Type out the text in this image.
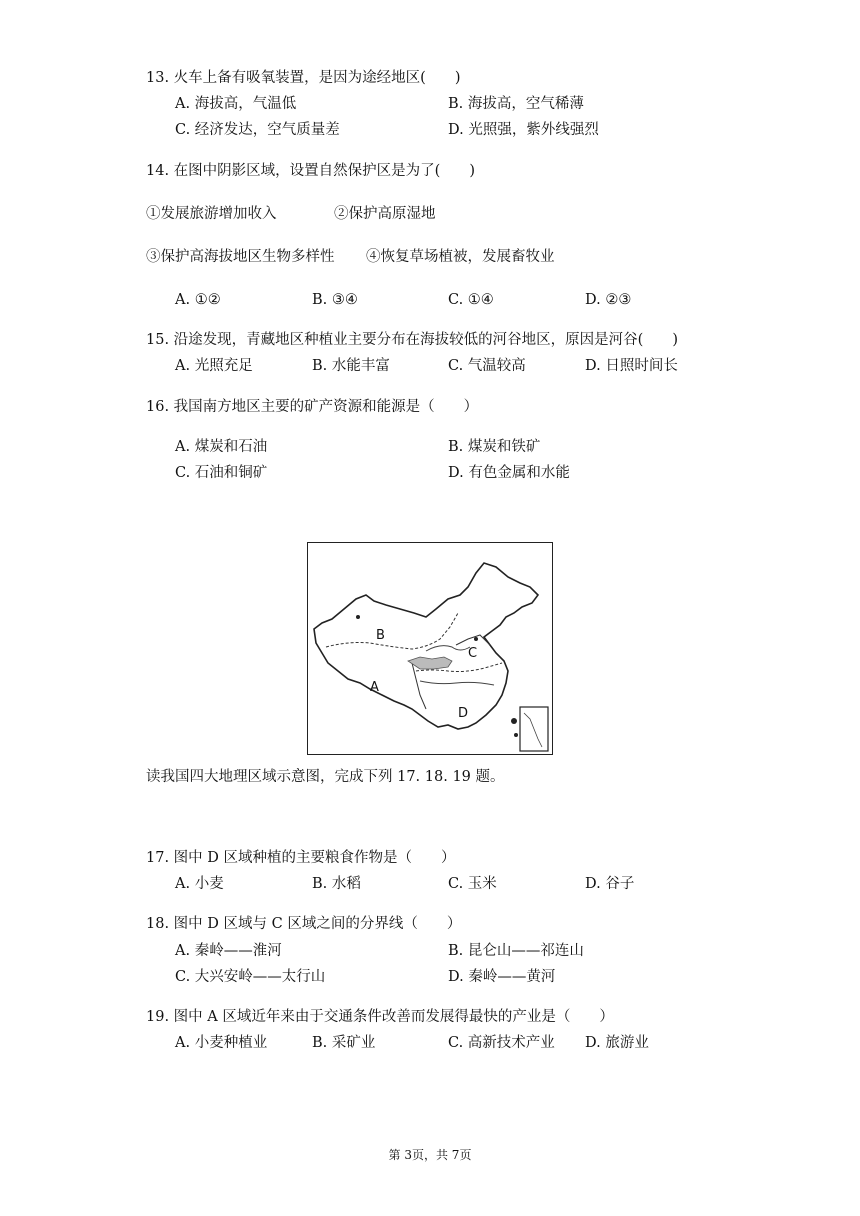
13. 火车上备有吸氧装置，是因为途经地区(　　)
A. 海拔高，气温低	B. 海拔高，空气稀薄
C. 经济发达，空气质量差	D. 光照强，紫外线强烈
14. 在图中阴影区域，设置自然保护区是为了(　　)
①发展旅游增加收入	②保护高原湿地
③保护高海拔地区生物多样性 ④恢复草场植被，发展畜牧业
A. ①②	B. ③④	C. ①④	D. ②③
15. 沿途发现，青藏地区种植业主要分布在海拔较低的河谷地区，原因是河谷(　　)
A. 光照充足	B. 水能丰富	C. 气温较高	D. 日照时间长
16. 我国南方地区主要的矿产资源和能源是（　　）
A. 煤炭和石油	B. 煤炭和铁矿
C. 石油和铜矿	D. 有色金属和水能
A
B
C
D
读我国四大地理区域示意图，完成下列 17. 18. 19 题。
17. 图中 D 区域种植的主要粮食作物是（　　）
A. 小麦	B. 水稻	C. 玉米	D. 谷子
18. 图中 D 区域与 C 区域之间的分界线（　　）
A. 秦岭——淮河	B. 昆仑山——祁连山
C. 大兴安岭——太行山	D. 秦岭——黄河
19. 图中 A 区域近年来由于交通条件改善而发展得最快的产业是（　　）
A. 小麦种植业	B. 采矿业	C. 高新技术产业 D. 旅游业
第 3页，共 7页
